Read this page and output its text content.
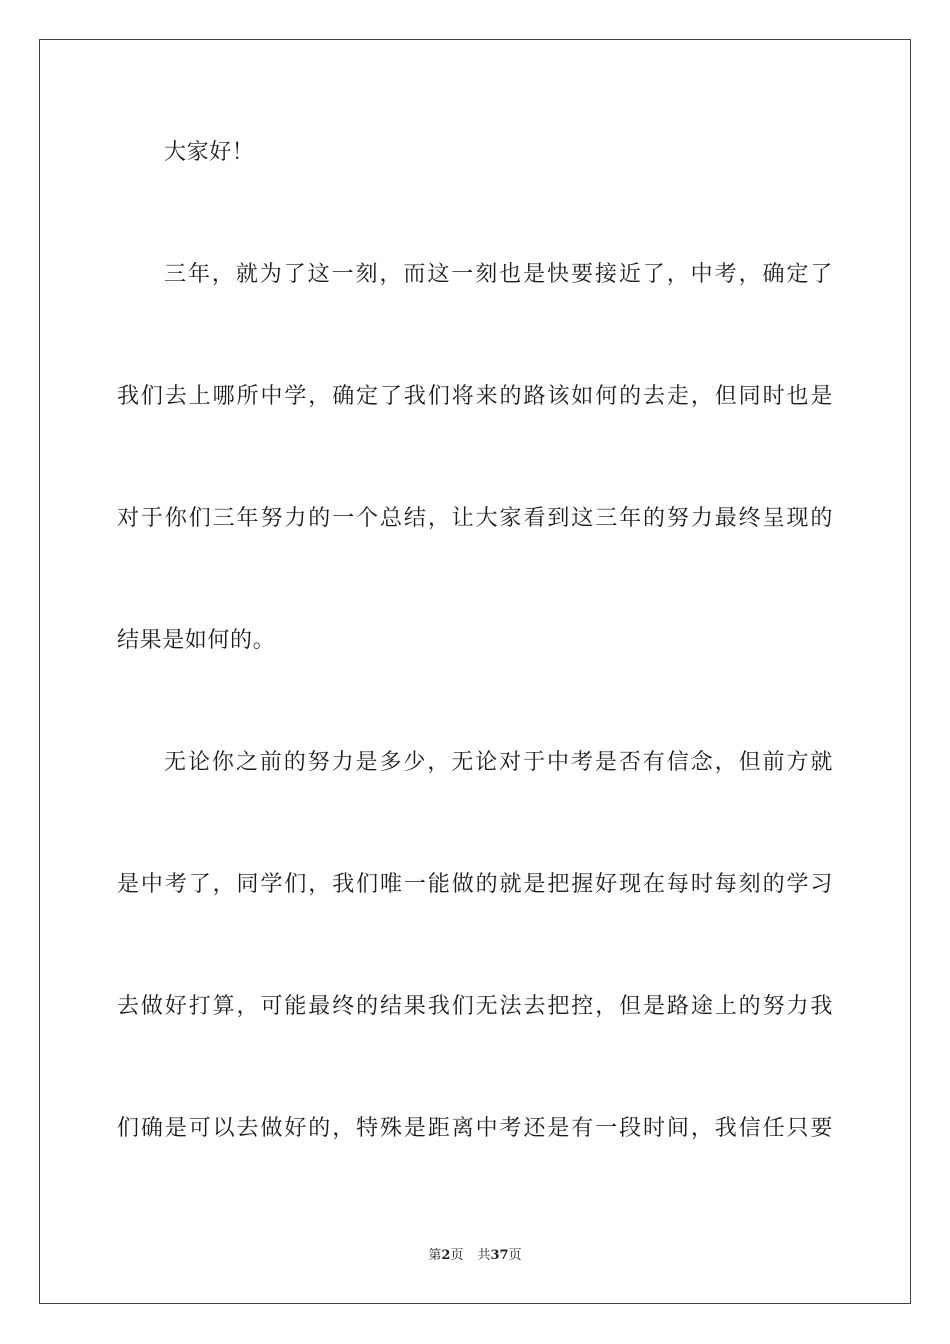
大家好！
三年，就为了这一刻，而这一刻也是快要接近了，中考，确定了
我们去上哪所中学，确定了我们将来的路该如何的去走，但同时也是
对于你们三年努力的一个总结，让大家看到这三年的努力最终呈现的
结果是如何的。
无论你之前的努力是多少，无论对于中考是否有信念，但前方就
是中考了，同学们，我们唯一能做的就是把握好现在每时每刻的学习
去做好打算，可能最终的结果我们无法去把控，但是路途上的努力我
们确是可以去做好的，特殊是距离中考还是有一段时间，我信任只要
第2页 共37页
